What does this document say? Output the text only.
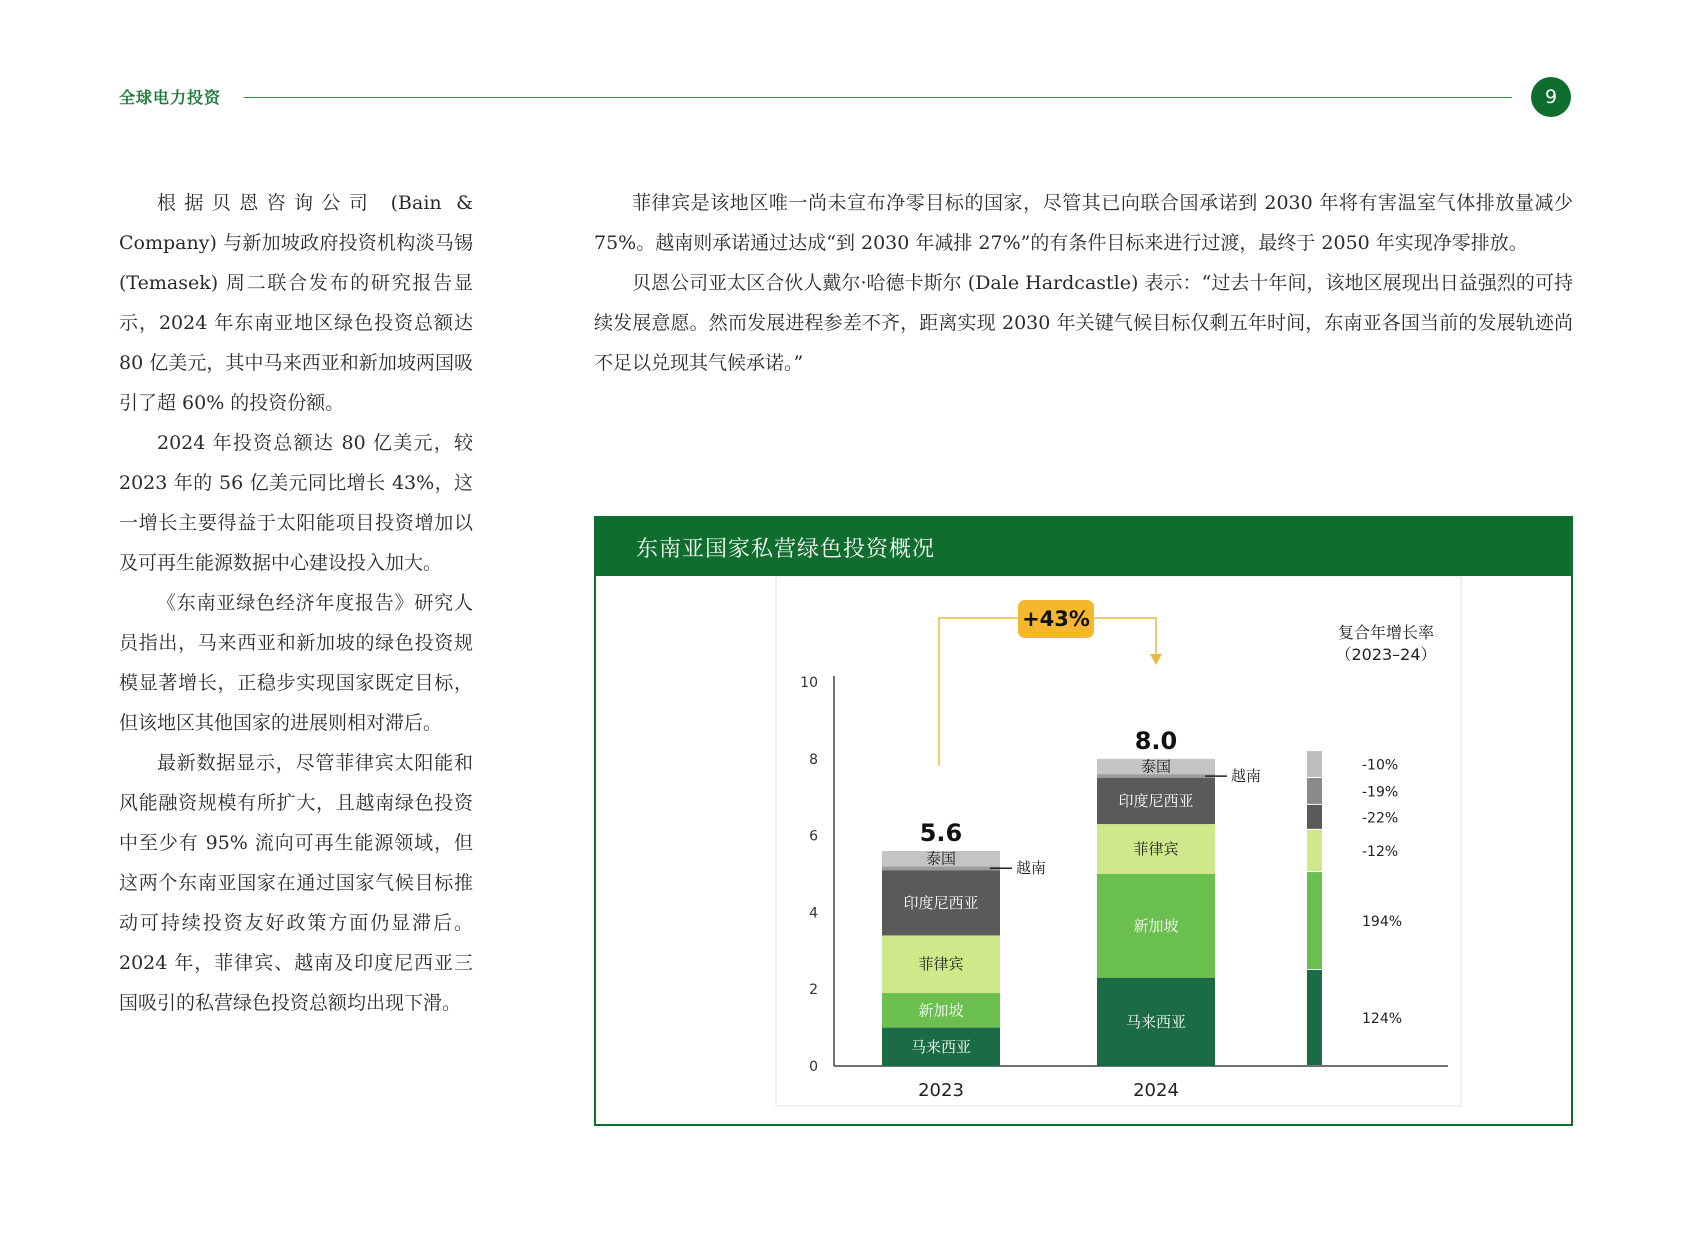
全球电力投资	9

根据贝恩咨询公司 (Bain & Company) 与新加坡政府投资机构淡马锡 (Temasek) 周二联合发布的研究报告显示，2024 年东南亚地区绿色投资总额达 80 亿美元，其中马来西亚和新加坡两国吸引了超 60% 的投资份额。

2024 年投资总额达 80 亿美元，较 2023 年的 56 亿美元同比增长 43%，这一增长主要得益于太阳能项目投资增加以及可再生能源数据中心建设投入加大。

《东南亚绿色经济年度报告》研究人员指出，马来西亚和新加坡的绿色投资规模显著增长，正稳步实现国家既定目标，但该地区其他国家的进展则相对滞后。

最新数据显示，尽管菲律宾太阳能和风能融资规模有所扩大，且越南绿色投资中至少有 95% 流向可再生能源领域，但这两个东南亚国家在通过国家气候目标推动可持续投资友好政策方面仍显滞后。2024 年，菲律宾、越南及印度尼西亚三国吸引的私营绿色投资总额均出现下滑。

菲律宾是该地区唯一尚未宣布净零目标的国家，尽管其已向联合国承诺到 2030 年将有害温室气体排放量减少 75%。越南则承诺通过达成“到 2030 年减排 27%”的有条件目标来进行过渡，最终于 2050 年实现净零排放。

贝恩公司亚太区合伙人戴尔·哈德卡斯尔 (Dale Hardcastle) 表示：“过去十年间，该地区展现出日益强烈的可持续发展意愿。然而发展进程参差不齐，距离实现 2030 年关键气候目标仅剩五年时间，东南亚各国当前的发展轨迹尚不足以兑现其气候承诺。”

东南亚国家私营绿色投资概况
0
2
4
6
8
10
马来西亚
新加坡
菲律宾
印度尼西亚
越南
泰国
5.6
2023
马来西亚
新加坡
菲律宾
印度尼西亚
越南
泰国
8.0
2024
+43%
复合年增长率
（2023–24）
124%
194%
-12%
-22%
-19%
-10%
